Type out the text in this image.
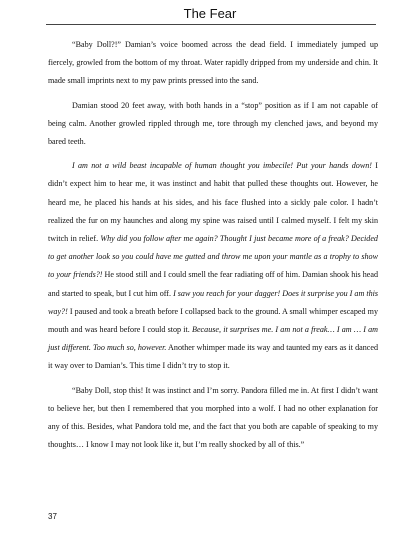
The Fear

“Baby Doll?!” Damian’s voice boomed across the dead field. I immediately jumped up fiercely, growled from the bottom of my throat. Water rapidly dripped from my underside and chin. It made small imprints next to my paw prints pressed into the sand.

Damian stood 20 feet away, with both hands in a “stop” position as if I am not capable of being calm. Another growled rippled through me, tore through my clenched jaws, and beyond my bared teeth.

I am not a wild beast incapable of human thought you imbecile! Put your hands down! I didn’t expect him to hear me, it was instinct and habit that pulled these thoughts out. However, he heard me, he placed his hands at his sides, and his face flushed into a sickly pale color. I hadn’t realized the fur on my haunches and along my spine was raised until I calmed myself. I felt my skin twitch in relief. Why did you follow after me again? Thought I just became more of a freak? Decided to get another look so you could have me gutted and throw me upon your mantle as a trophy to show to your friends?! He stood still and I could smell the fear radiating off of him. Damian shook his head and started to speak, but I cut him off. I saw you reach for your dagger! Does it surprise you I am this way?! I paused and took a breath before I collapsed back to the ground. A small whimper escaped my mouth and was heard before I could stop it. Because, it surprises me. I am not a freak… I am … I am just different. Too much so, however. Another whimper made its way and taunted my ears as it danced it way over to Damian’s. This time I didn’t try to stop it.

“Baby Doll, stop this! It was instinct and I’m sorry. Pandora filled me in. At first I didn’t want to believe her, but then I remembered that you morphed into a wolf. I had no other explanation for any of this. Besides, what Pandora told me, and the fact that you both are capable of speaking to my thoughts… I know I may not look like it, but I’m really shocked by all of this.”

37
